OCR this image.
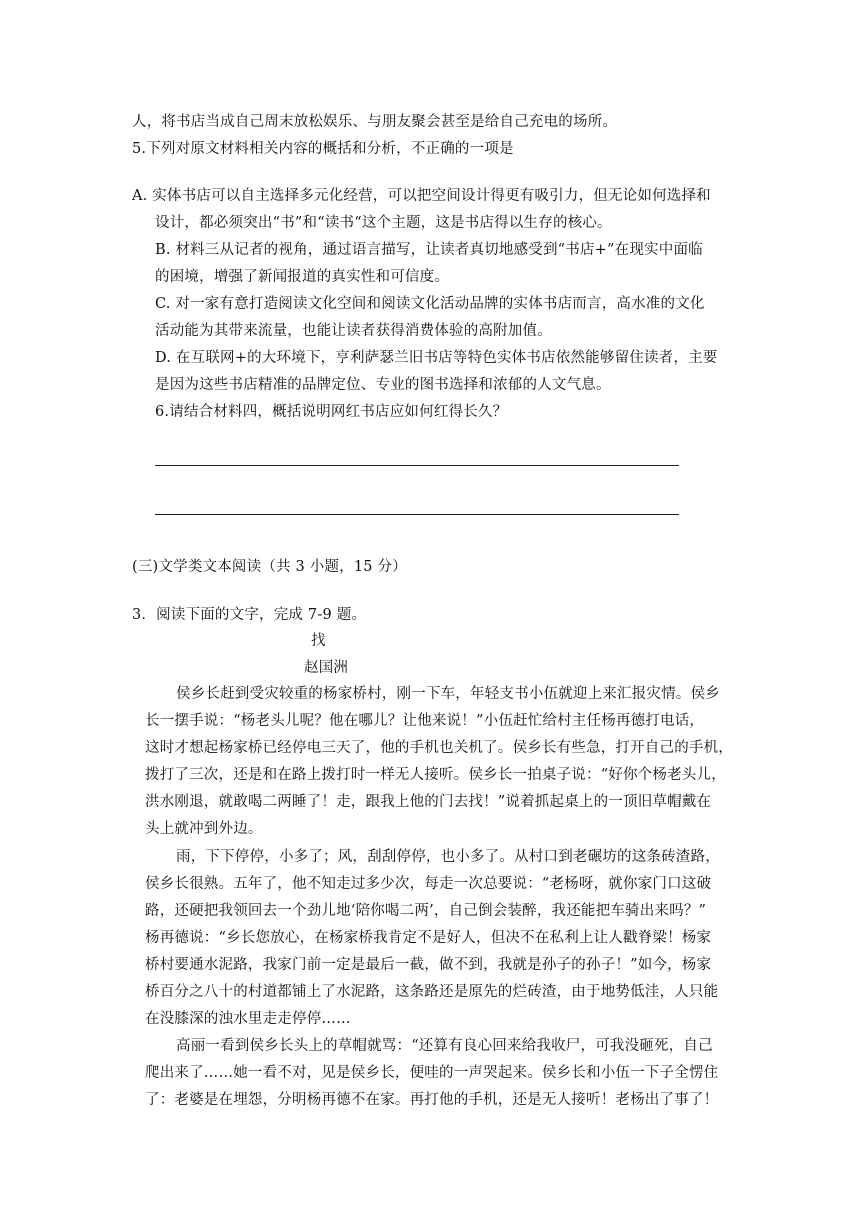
人，将书店当成自己周末放松娱乐、与朋友聚会甚至是给自己充电的场所。
5.下列对原文材料相关内容的概括和分析，不正确的一项是
A. 实体书店可以自主选择多元化经营，可以把空间设计得更有吸引力，但无论如何选择和
设计，都必须突出“书”和“读书“这个主题，这是书店得以生存的核心。
B. 材料三从记者的视角，通过语言描写，让读者真切地感受到“书店+”在现实中面临
的困境，增强了新闻报道的真实性和可信度。
C. 对一家有意打造阅读文化空间和阅读文化活动品牌的实体书店而言，高水准的文化
活动能为其带来流量，也能让读者获得消费体验的高附加值。
D. 在互联网+的大环境下，亨利萨瑟兰旧书店等特色实体书店依然能够留住读者，主要
是因为这些书店精准的品牌定位、专业的图书选择和浓郁的人文气息。
6.请结合材料四，概括说明网红书店应如何红得长久？
(三)文学类文本阅读（共 3 小题，15 分）
3．阅读下面的文字，完成 7-9 题。
找
赵国洲
侯乡长赶到受灾较重的杨家桥村，刚一下车，年轻支书小伍就迎上来汇报灾情。侯乡
长一摆手说：“杨老头儿呢？他在哪儿？让他来说！”小伍赶忙给村主任杨再德打电话，
这时才想起杨家桥已经停电三天了，他的手机也关机了。侯乡长有些急，打开自己的手机，
拨打了三次，还是和在路上拨打时一样无人接听。侯乡长一拍桌子说：“好你个杨老头儿，
洪水刚退，就敢喝二两睡了！走，跟我上他的门去找！”说着抓起桌上的一顶旧草帽戴在
头上就冲到外边。
雨，下下停停，小多了；风，刮刮停停，也小多了。从村口到老碾坊的这条砖渣路，
侯乡长很熟。五年了，他不知走过多少次，每走一次总要说：“老杨呀，就你家门口这破
路，还硬把我领回去一个劲儿地‘陪你喝二两’，自己倒会装醉，我还能把车骑出来吗？”
杨再德说：“乡长您放心，在杨家桥我肯定不是好人，但决不在私利上让人戳脊梁！杨家
桥村要通水泥路，我家门前一定是最后一截，做不到，我就是孙子的孙子！”如今，杨家
桥百分之八十的村道都铺上了水泥路，这条路还是原先的烂砖渣，由于地势低洼，人只能
在没膝深的浊水里走走停停……
高丽一看到侯乡长头上的草帽就骂：“还算有良心回来给我收尸，可我没砸死，自己
爬出来了……她一看不对，见是侯乡长，便哇的一声哭起来。侯乡长和小伍一下子全愣住
了：老婆是在埋怨，分明杨再德不在家。再打他的手机，还是无人接听！老杨出了事了！
